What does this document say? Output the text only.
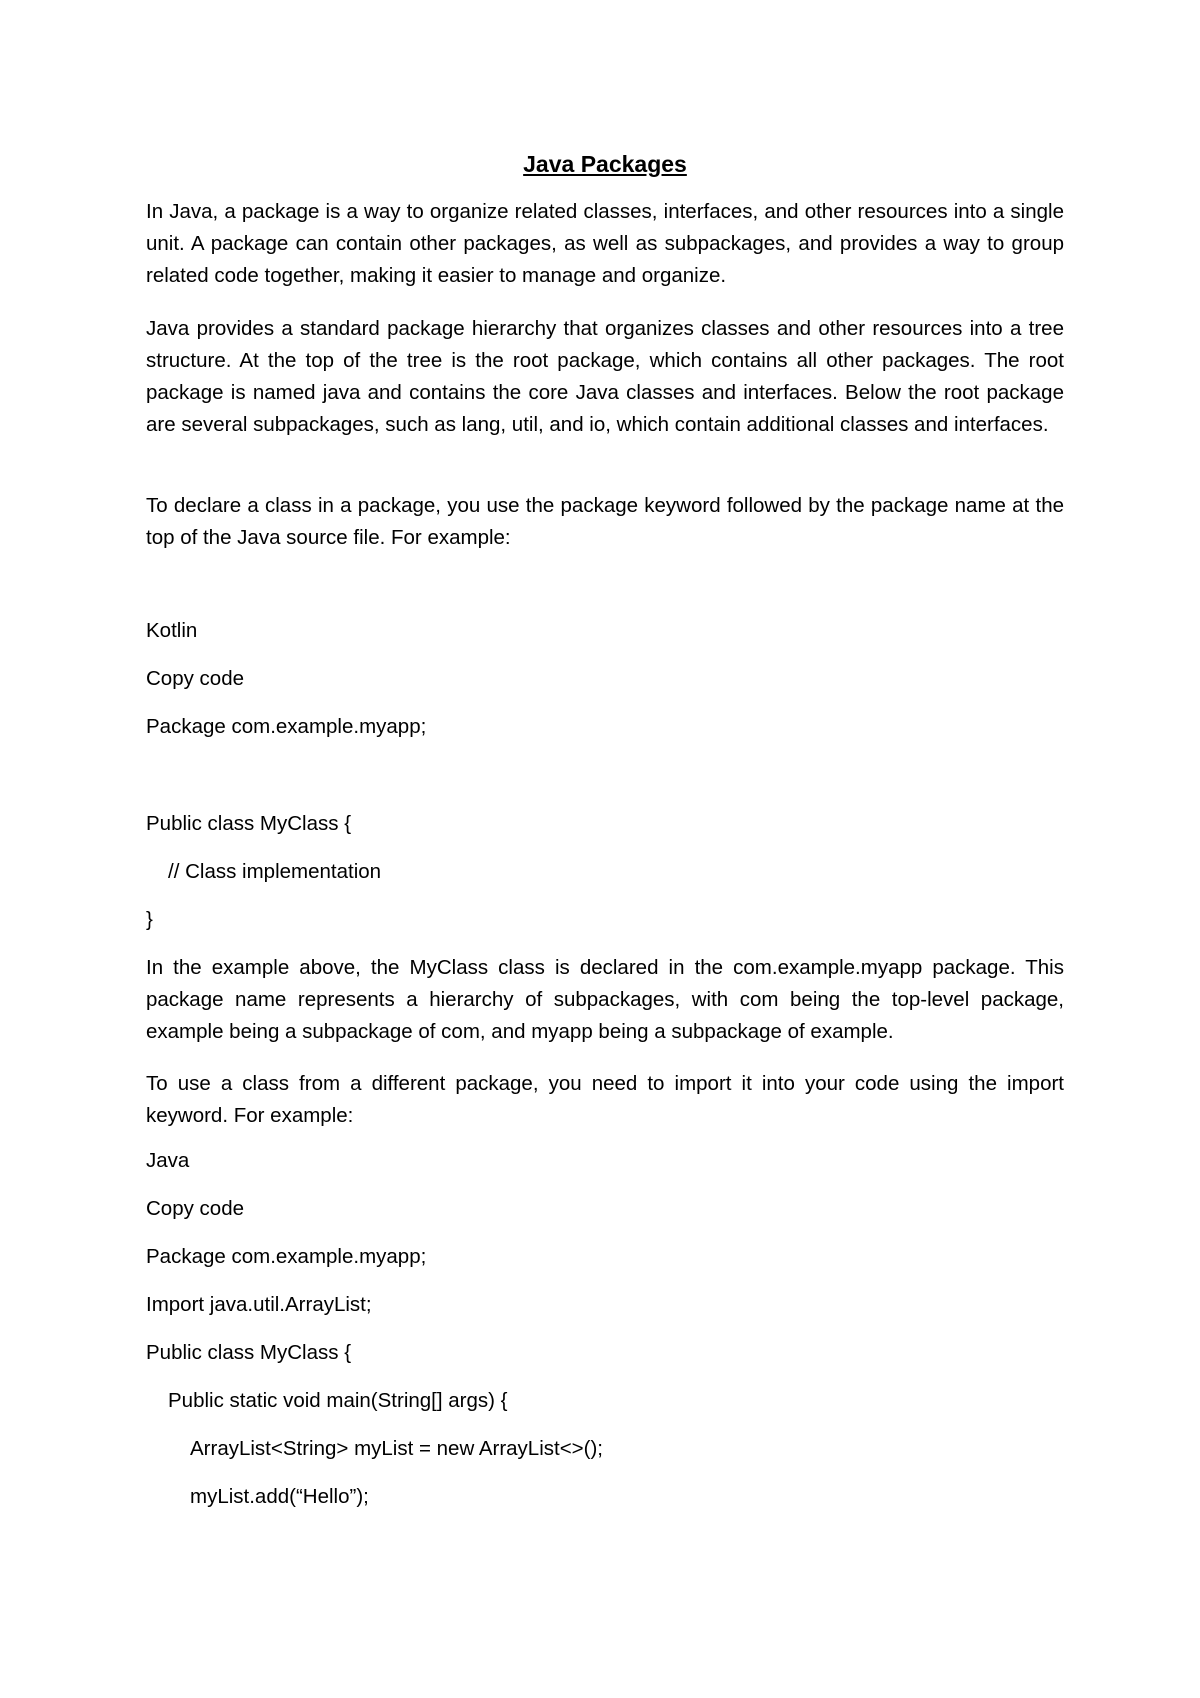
Java Packages

In Java, a package is a way to organize related classes, interfaces, and other resources into a single unit. A package can contain other packages, as well as subpackages, and provides a way to group related code together, making it easier to manage and organize.

Java provides a standard package hierarchy that organizes classes and other resources into a tree structure. At the top of the tree is the root package, which contains all other packages. The root package is named java and contains the core Java classes and interfaces. Below the root package are several subpackages, such as lang, util, and io, which contain additional classes and interfaces.

To declare a class in a package, you use the package keyword followed by the package name at the top of the Java source file. For example:

Kotlin
Copy code
Package com.example.myapp;
Public class MyClass {
// Class implementation
}

In the example above, the MyClass class is declared in the com.example.myapp package. This package name represents a hierarchy of subpackages, with com being the top-level package, example being a subpackage of com, and myapp being a subpackage of example.

To use a class from a different package, you need to import it into your code using the import keyword. For example:

Java
Copy code
Package com.example.myapp;
Import java.util.ArrayList;
Public class MyClass {
Public static void main(String[] args) {
ArrayList<String> myList = new ArrayList<>();
myList.add(“Hello”);
